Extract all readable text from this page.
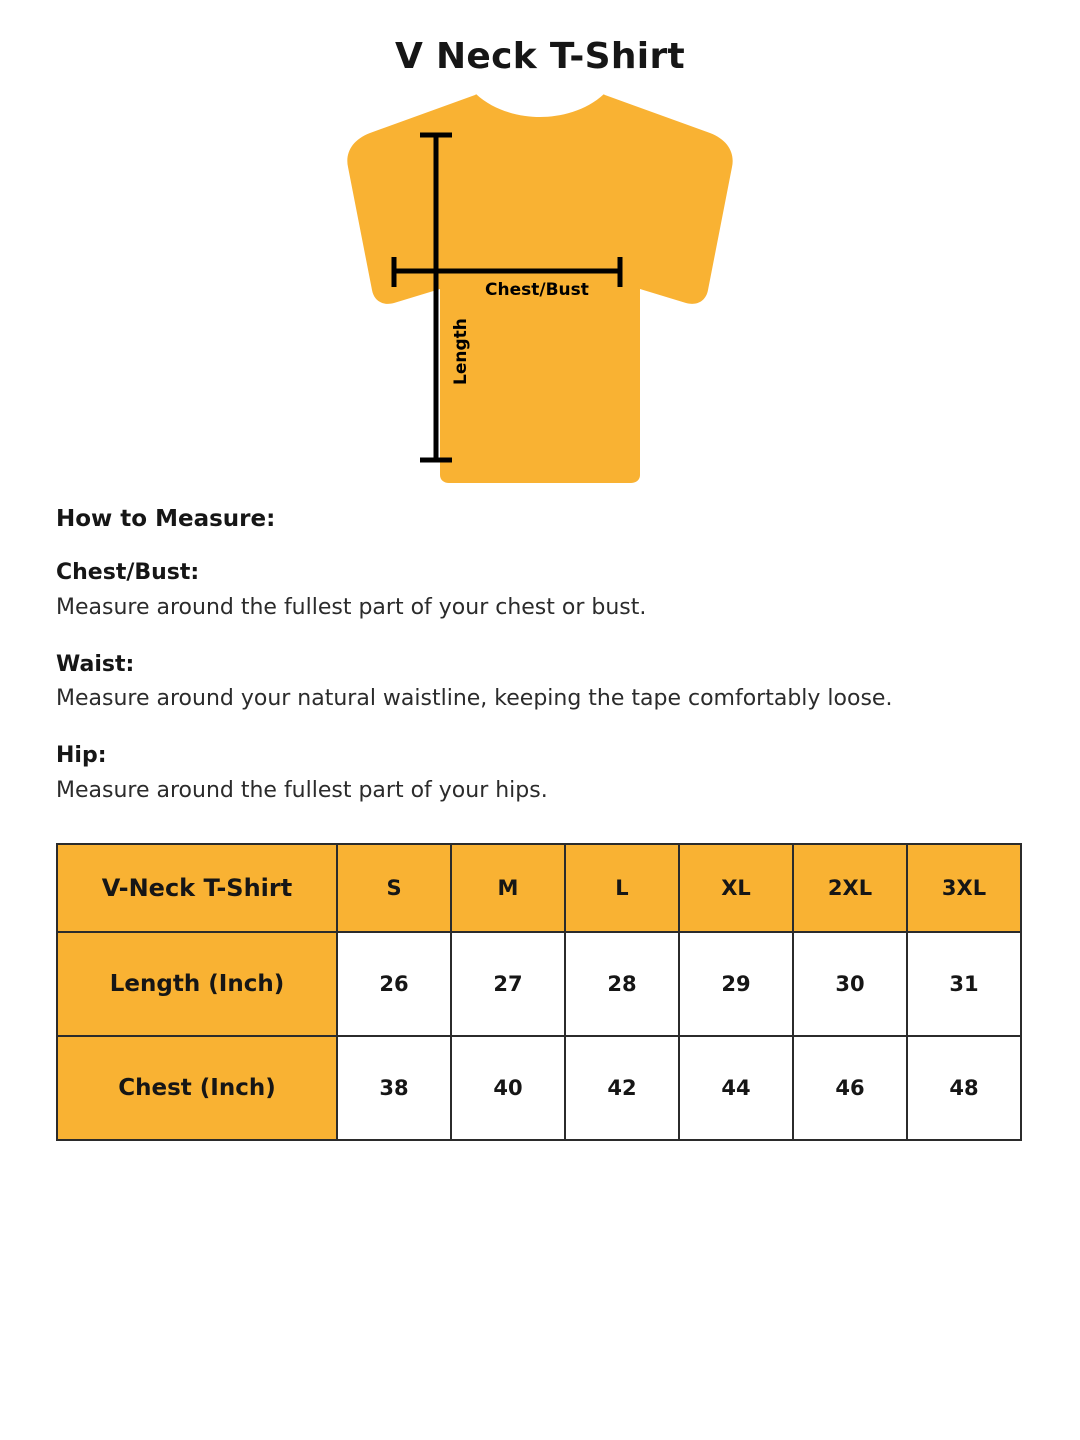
V Neck T-Shirt
Chest/Bust
Length
How to Measure:
Chest/Bust:
Measure around the fullest part of your chest or bust.
Waist:
Measure around your natural waistline, keeping the tape comfortably loose.
Hip:
Measure around the fullest part of your hips.
V-Neck T-Shirt	S	M	L	XL	2XL	3XL
Length (Inch)	26	27	28	29	30	31
Chest (Inch)	38	40	42	44	46	48
